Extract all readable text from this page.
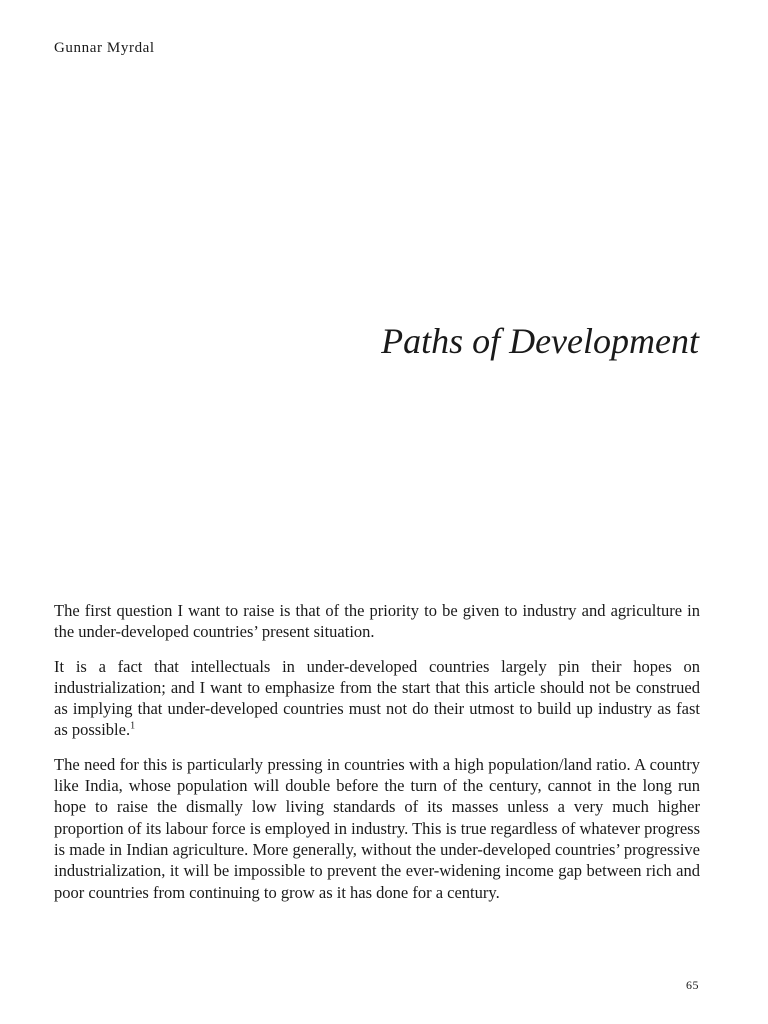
Gunnar Myrdal
Paths of Development

The first question I want to raise is that of the priority to be given to industry and agriculture in the under-developed countries’ present situation.

It is a fact that intellectuals in under-developed countries largely pin their hopes on industrialization; and I want to emphasize from the start that this article should not be construed as implying that under-developed countries must not do their utmost to build up industry as fast as possible.$^1$

The need for this is particularly pressing in countries with a high population/land ratio. A country like India, whose population will double before the turn of the century, cannot in the long run hope to raise the dismally low living standards of its masses unless a very much higher proportion of its labour force is employed in industry. This is true regardless of whatever progress is made in Indian agriculture. More generally, without the under-developed countries’ progressive industrialization, it will be impossible to prevent the ever-widening income gap between rich and poor countries from continuing to grow as it has done for a century.

65
